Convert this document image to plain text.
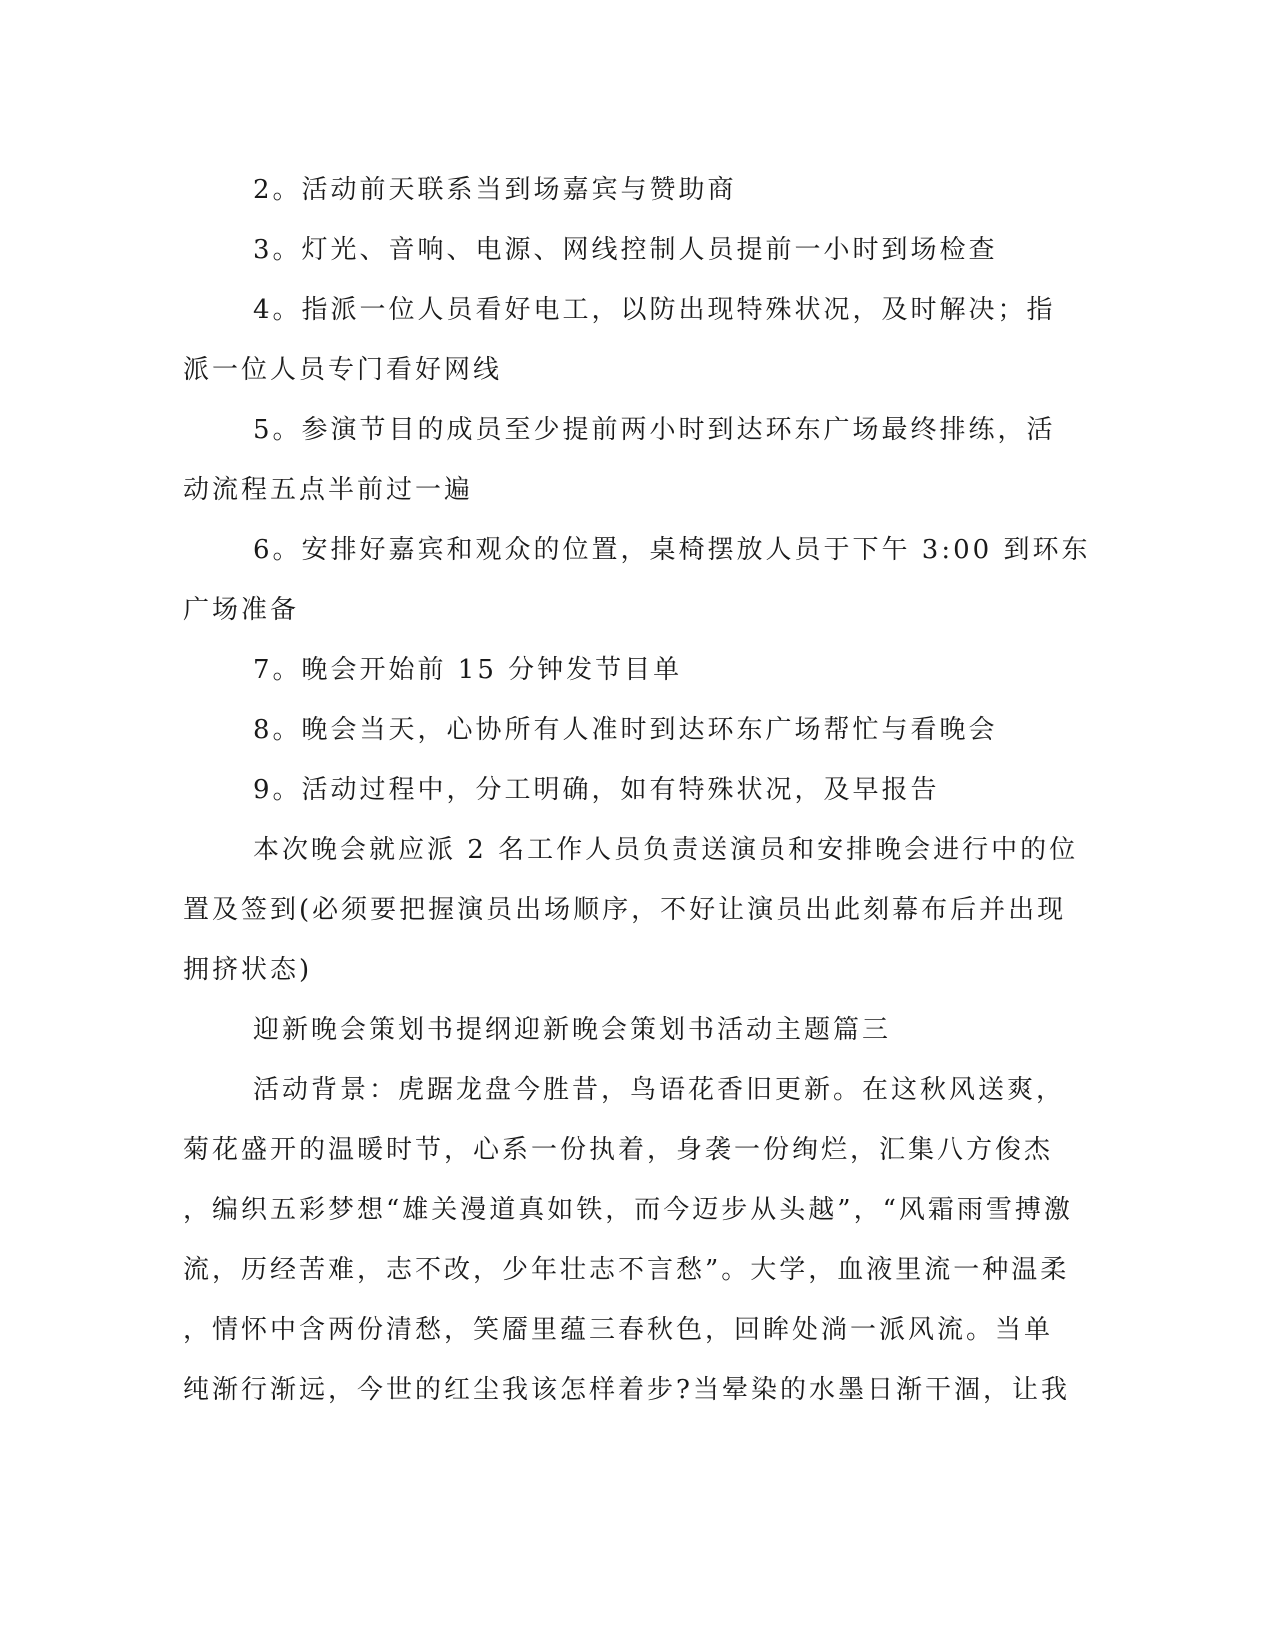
2。活动前天联系当到场嘉宾与赞助商
3。灯光、音响、电源、网线控制人员提前一小时到场检查
4。指派一位人员看好电工，以防出现特殊状况，及时解决；指
派一位人员专门看好网线
5。参演节目的成员至少提前两小时到达环东广场最终排练，活
动流程五点半前过一遍
6。安排好嘉宾和观众的位置，桌椅摆放人员于下午 3:00 到环东
广场准备
7。晚会开始前 15 分钟发节目单
8。晚会当天，心协所有人准时到达环东广场帮忙与看晚会
9。活动过程中，分工明确，如有特殊状况，及早报告
本次晚会就应派 2 名工作人员负责送演员和安排晚会进行中的位
置及签到(必须要把握演员出场顺序，不好让演员出此刻幕布后并出现
拥挤状态)
迎新晚会策划书提纲迎新晚会策划书活动主题篇三
活动背景：虎踞龙盘今胜昔，鸟语花香旧更新。在这秋风送爽，
菊花盛开的温暖时节，心系一份执着，身袭一份绚烂，汇集八方俊杰
，编织五彩梦想“雄关漫道真如铁，而今迈步从头越”，“风霜雨雪搏激
流，历经苦难，志不改，少年壮志不言愁”。大学，血液里流一种温柔
，情怀中含两份清愁，笑靥里蕴三春秋色，回眸处淌一派风流。当单
纯渐行渐远，今世的红尘我该怎样着步?当晕染的水墨日渐干涸，让我
